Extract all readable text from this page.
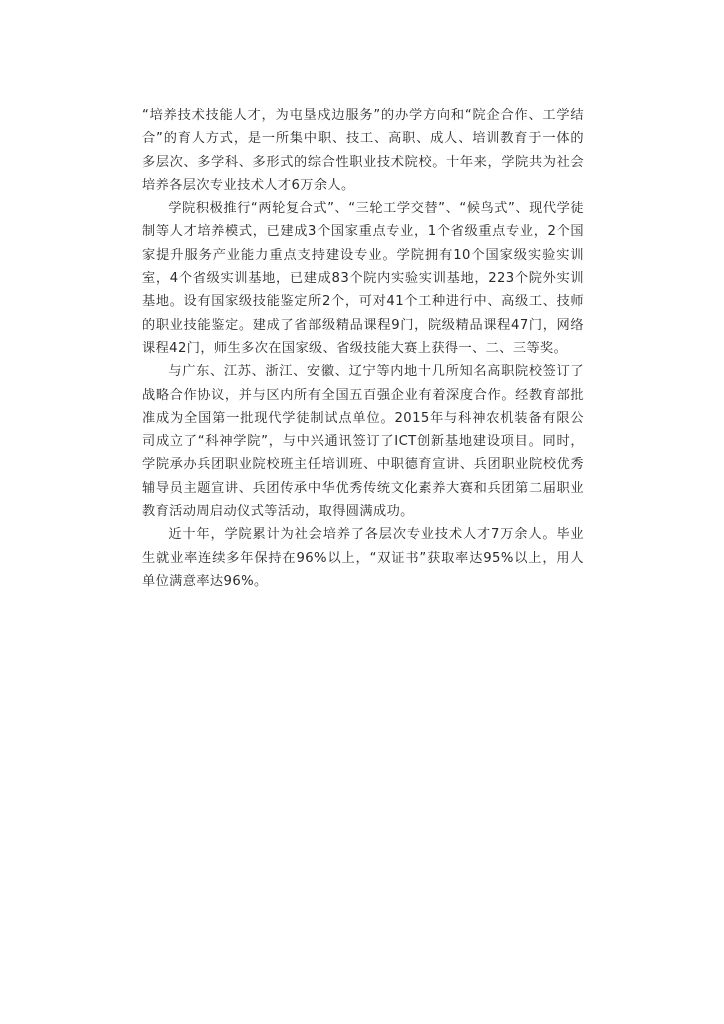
“培养技术技能人才，为屯垦戍边服务”的办学方向和“院企合作、工学结合”的育人方式，是一所集中职、技工、高职、成人、培训教育于一体的多层次、多学科、多形式的综合性职业技术院校。十年来，学院共为社会培养各层次专业技术人才6万余人。

学院积极推行“两轮复合式”、“三轮工学交替”、“候鸟式”、现代学徒制等人才培养模式，已建成3个国家重点专业，1个省级重点专业，2个国家提升服务产业能力重点支持建设专业。学院拥有10个国家级实验实训室，4个省级实训基地，已建成83个院内实验实训基地，223个院外实训基地。设有国家级技能鉴定所2个，可对41个工种进行中、高级工、技师的职业技能鉴定。建成了省部级精品课程9门，院级精品课程47门，网络课程42门，师生多次在国家级、省级技能大赛上获得一、二、三等奖。

与广东、江苏、浙江、安徽、辽宁等内地十几所知名高职院校签订了战略合作协议，并与区内所有全国五百强企业有着深度合作。经教育部批准成为全国第一批现代学徒制试点单位。2015年与科神农机装备有限公司成立了“科神学院”，与中兴通讯签订了ICT创新基地建设项目。同时，学院承办兵团职业院校班主任培训班、中职德育宣讲、兵团职业院校优秀辅导员主题宣讲、兵团传承中华优秀传统文化素养大赛和兵团第二届职业教育活动周启动仪式等活动，取得圆满成功。

近十年，学院累计为社会培养了各层次专业技术人才7万余人。毕业生就业率连续多年保持在96%以上，“双证书”获取率达95%以上，用人单位满意率达96%。
